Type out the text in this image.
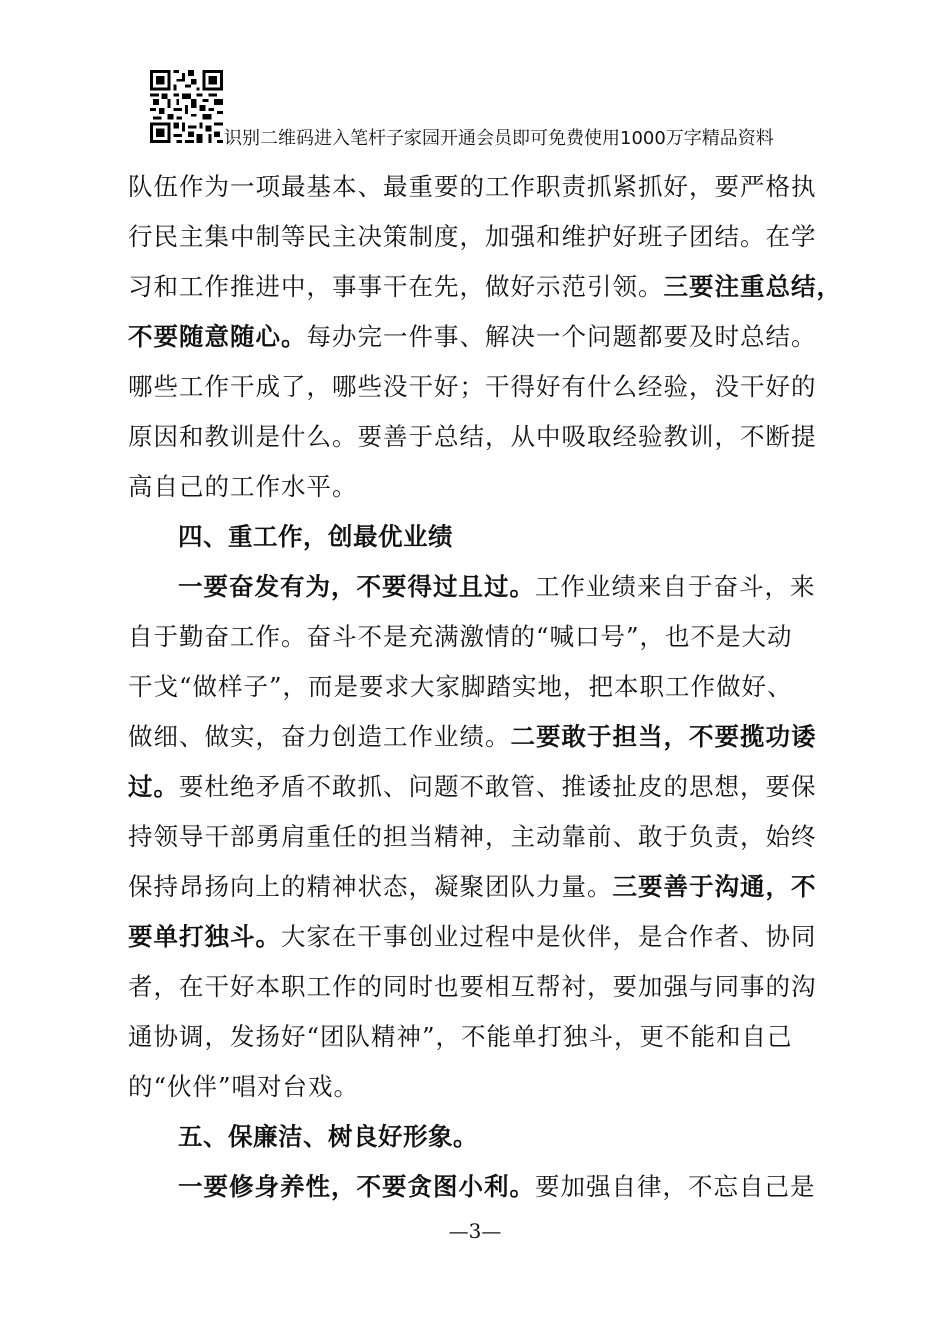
识别二维码进入笔杆子家园开通会员即可免费使用1000万字精品资料
队伍作为一项最基本、最重要的工作职责抓紧抓好，要严格执
行民主集中制等民主决策制度，加强和维护好班子团结。在学
习和工作推进中，事事干在先，做好示范引领。三要注重总结，
不要随意随心。每办完一件事、解决一个问题都要及时总结。
哪些工作干成了，哪些没干好；干得好有什么经验，没干好的
原因和教训是什么。要善于总结，从中吸取经验教训，不断提
高自己的工作水平。
四、重工作，创最优业绩
一要奋发有为，不要得过且过。工作业绩来自于奋斗，来
自于勤奋工作。奋斗不是充满激情的“喊口号”，也不是大动
干戈“做样子”，而是要求大家脚踏实地，把本职工作做好、
做细、做实，奋力创造工作业绩。二要敢于担当，不要揽功诿
过。要杜绝矛盾不敢抓、问题不敢管、推诿扯皮的思想，要保
持领导干部勇肩重任的担当精神，主动靠前、敢于负责，始终
保持昂扬向上的精神状态，凝聚团队力量。三要善于沟通，不
要单打独斗。大家在干事创业过程中是伙伴，是合作者、协同
者，在干好本职工作的同时也要相互帮衬，要加强与同事的沟
通协调，发扬好“团队精神”，不能单打独斗，更不能和自己
的“伙伴”唱对台戏。
五、保廉洁、树良好形象。
一要修身养性，不要贪图小利。要加强自律，不忘自己是
—3—
